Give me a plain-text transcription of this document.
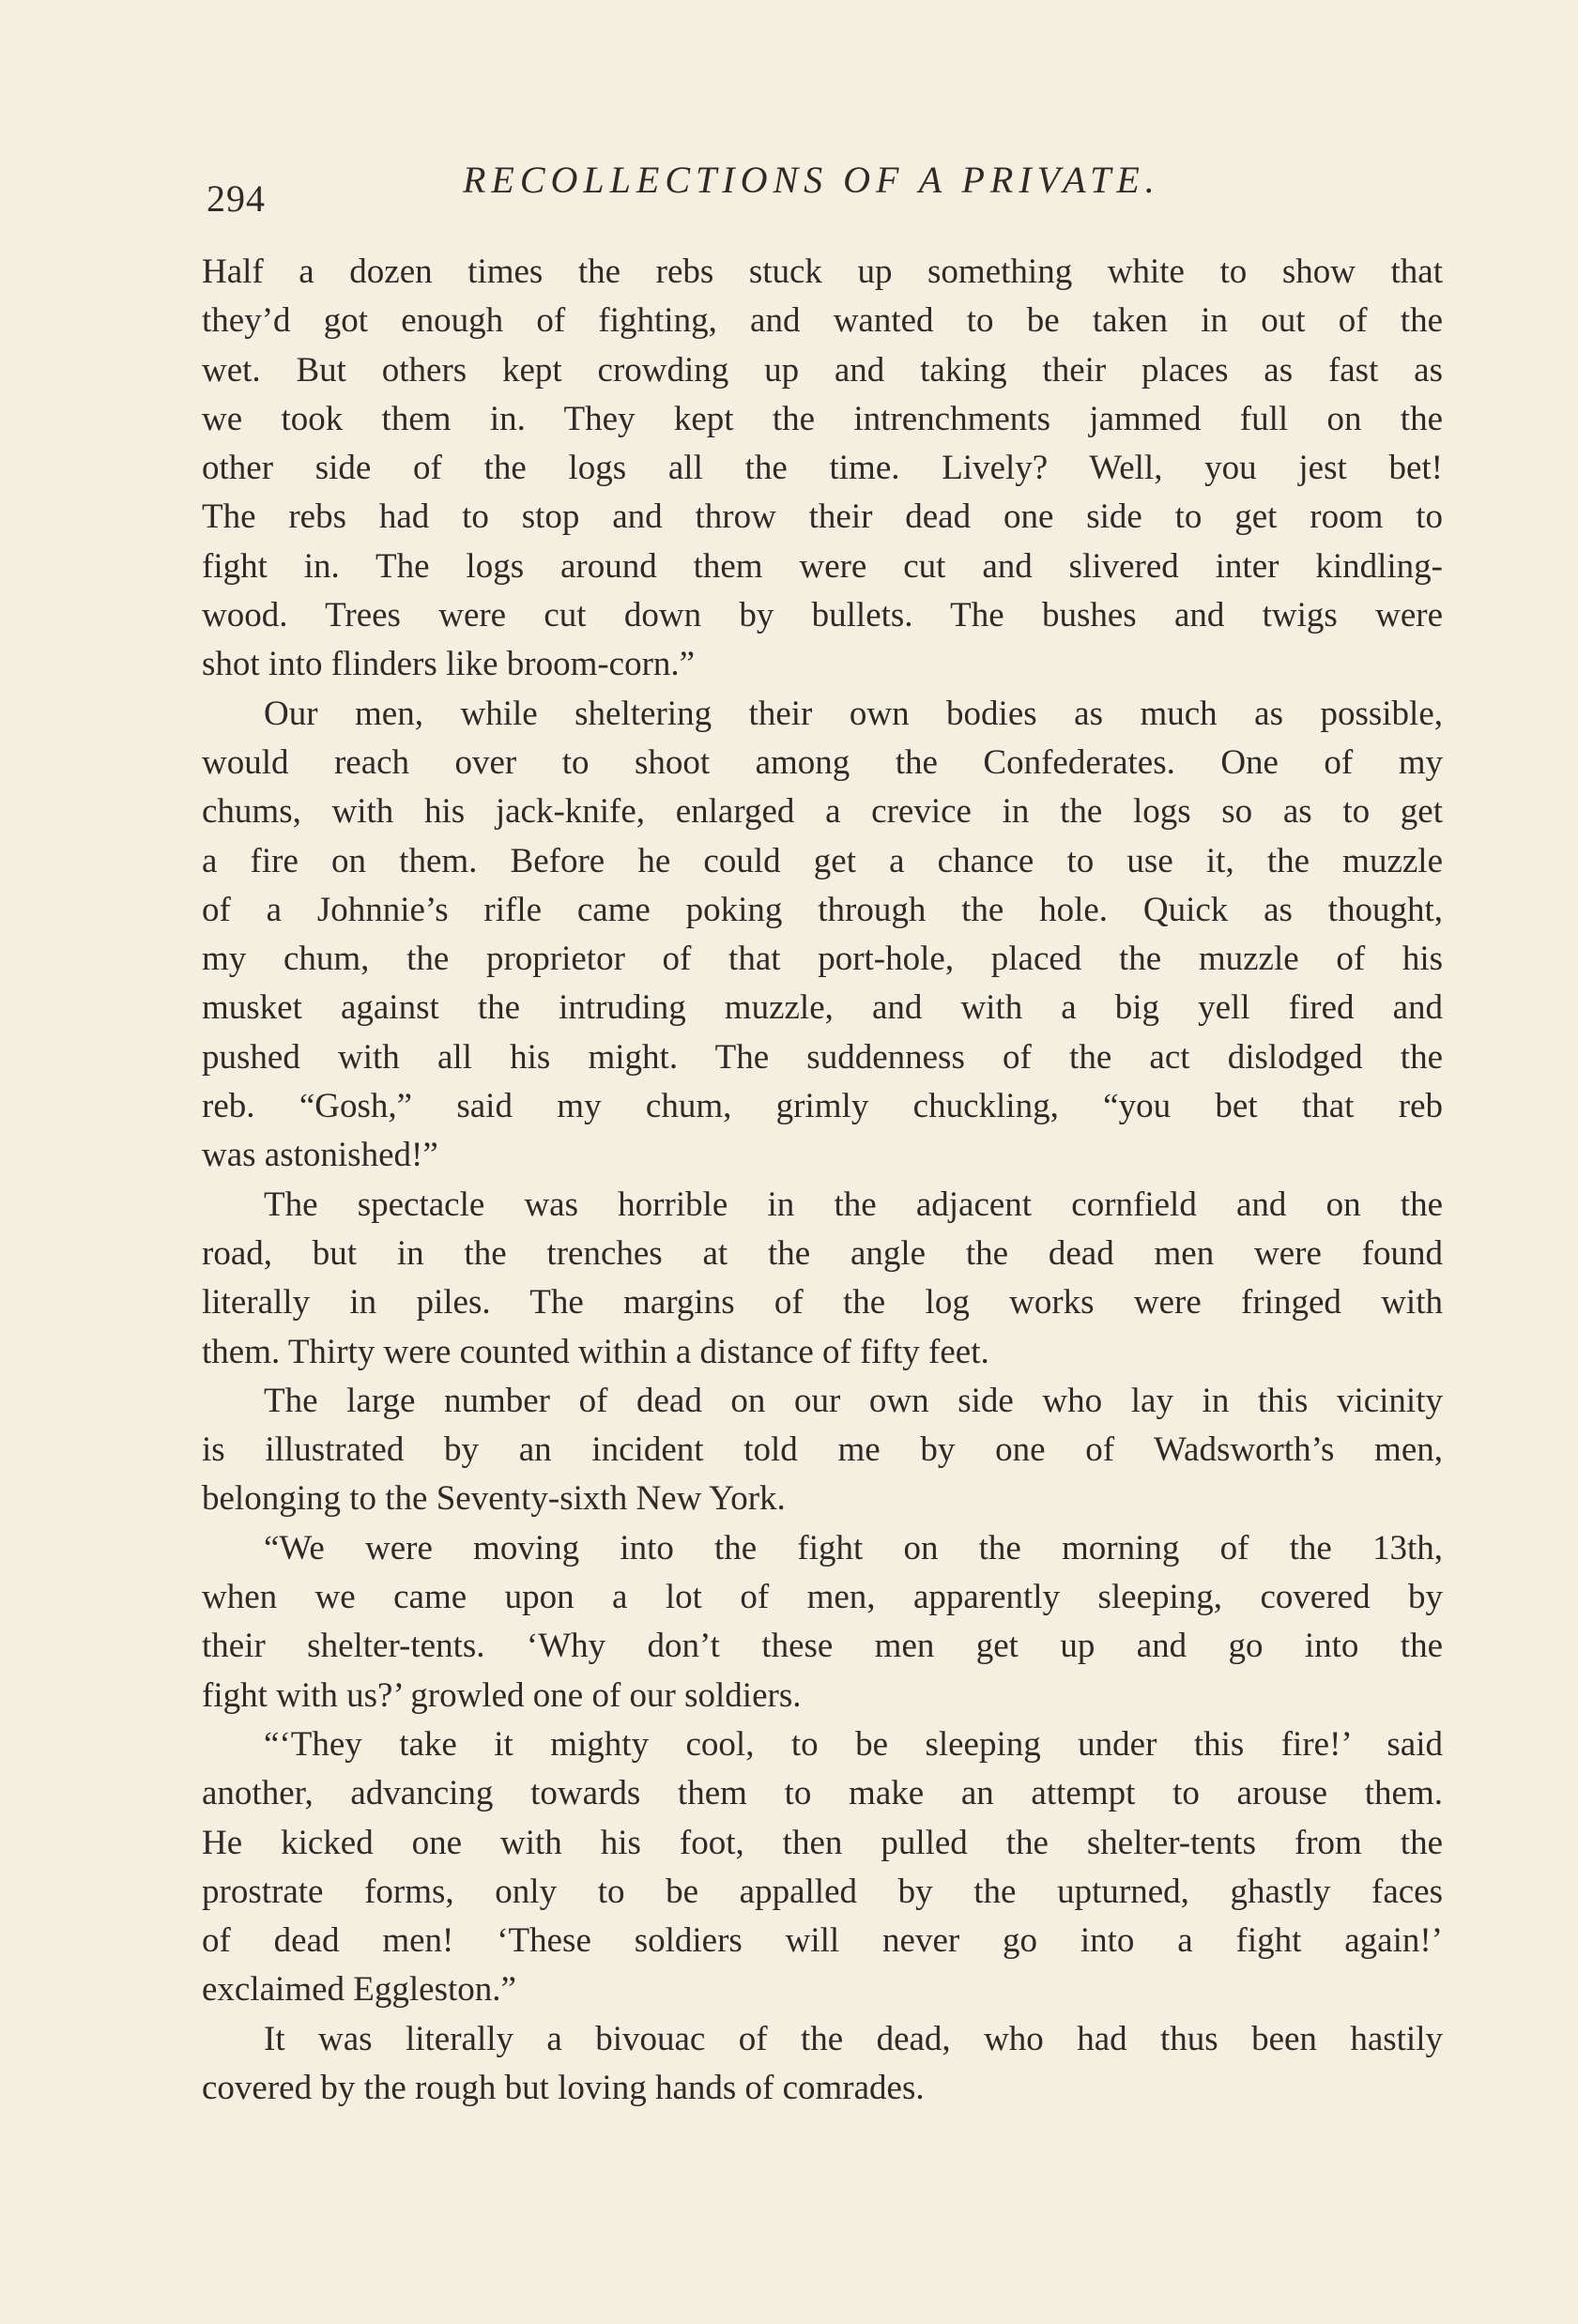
294	RECOLLECTIONS OF A PRIVATE.
Half a dozen times the rebs stuck up something white to show that
they’d got enough of fighting, and wanted to be taken in out of the
wet. But others kept crowding up and taking their places as fast as
we took them in. They kept the intrenchments jammed full on the
other side of the logs all the time. Lively? Well, you jest bet!
The rebs had to stop and throw their dead one side to get room to
fight in. The logs around them were cut and slivered inter kindling-
wood. Trees were cut down by bullets. The bushes and twigs were
shot into flinders like broom-corn.”
Our men, while sheltering their own bodies as much as possible,
would reach over to shoot among the Confederates. One of my
chums, with his jack-knife, enlarged a crevice in the logs so as to get
a fire on them. Before he could get a chance to use it, the muzzle
of a Johnnie’s rifle came poking through the hole. Quick as thought,
my chum, the proprietor of that port-hole, placed the muzzle of his
musket against the intruding muzzle, and with a big yell fired and
pushed with all his might. The suddenness of the act dislodged the
reb. “Gosh,” said my chum, grimly chuckling, “you bet that reb
was astonished!”
The spectacle was horrible in the adjacent cornfield and on the
road, but in the trenches at the angle the dead men were found
literally in piles. The margins of the log works were fringed with
them. Thirty were counted within a distance of fifty feet.
The large number of dead on our own side who lay in this vicinity
is illustrated by an incident told me by one of Wadsworth’s men,
belonging to the Seventy-sixth New York.
“We were moving into the fight on the morning of the 13th,
when we came upon a lot of men, apparently sleeping, covered by
their shelter-tents. ‘Why don’t these men get up and go into the
fight with us?’ growled one of our soldiers.
“‘They take it mighty cool, to be sleeping under this fire!’ said
another, advancing towards them to make an attempt to arouse them.
He kicked one with his foot, then pulled the shelter-tents from the
prostrate forms, only to be appalled by the upturned, ghastly faces
of dead men! ‘These soldiers will never go into a fight again!’
exclaimed Eggleston.”
It was literally a bivouac of the dead, who had thus been hastily
covered by the rough but loving hands of comrades.
